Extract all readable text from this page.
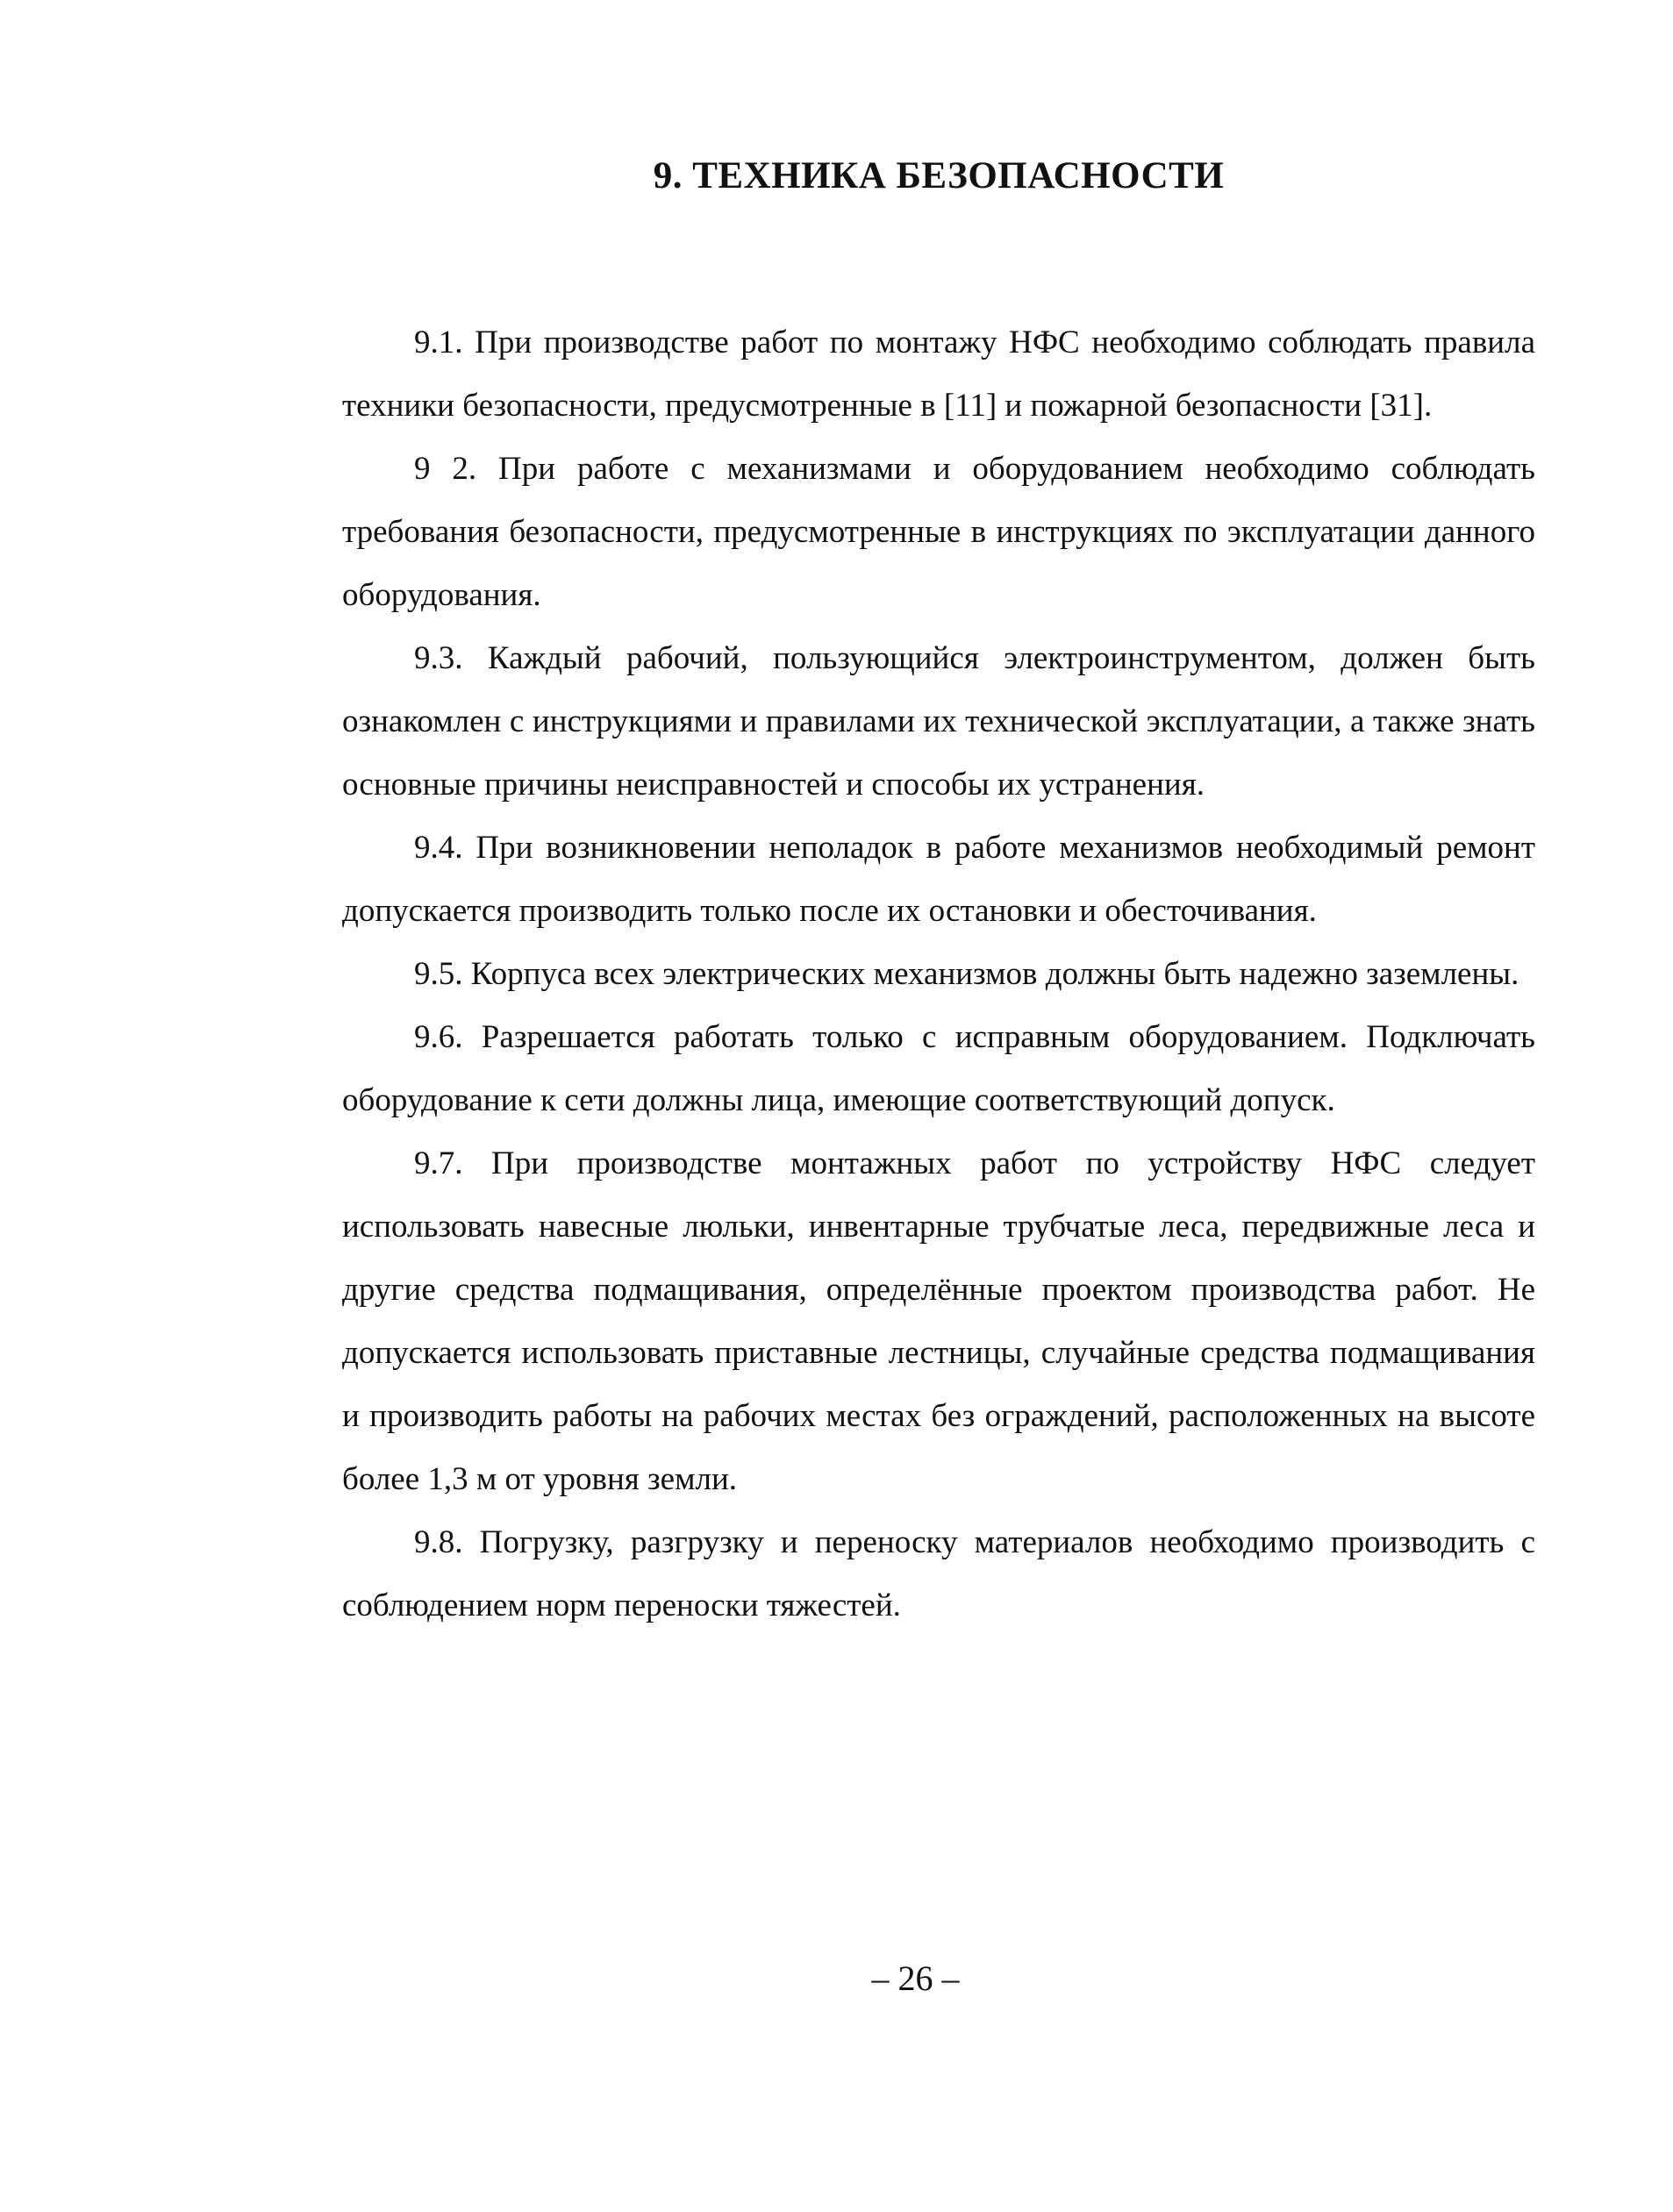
9. ТЕХНИКА БЕЗОПАСНОСТИ

9.1. При производстве работ по монтажу НФС необходимо соблюдать правила техники безопасности, предусмотренные в [11] и пожарной безопасности [31].

9 2. При работе с механизмами и оборудованием необходимо соблюдать требования безопасности, предусмотренные в инструкциях по эксплуатации данного оборудования.

9.3. Каждый рабочий, пользующийся электроинструментом, должен быть ознакомлен с инструкциями и правилами их технической эксплуатации, а также знать основные причины неисправностей и способы их устранения.

9.4. При возникновении неполадок в работе механизмов необходимый ремонт допускается производить только после их остановки и обесточивания.

9.5. Корпуса всех электрических механизмов должны быть надежно заземлены.

9.6. Разрешается работать только с исправным оборудованием. Подключать оборудование к сети должны лица, имеющие соответствующий допуск.

9.7. При производстве монтажных работ по устройству НФС следует использовать навесные люльки, инвентарные трубчатые леса, передвижные леса и другие средства подмащивания, определённые проектом производства работ. Не допускается использовать приставные лестницы, случайные средства подмащивания и производить работы на рабочих местах без ограждений, расположенных на высоте более 1,3 м от уровня земли.

9.8. Погрузку, разгрузку и переноску материалов необходимо производить с соблюдением норм переноски тяжестей.

– 26 –
